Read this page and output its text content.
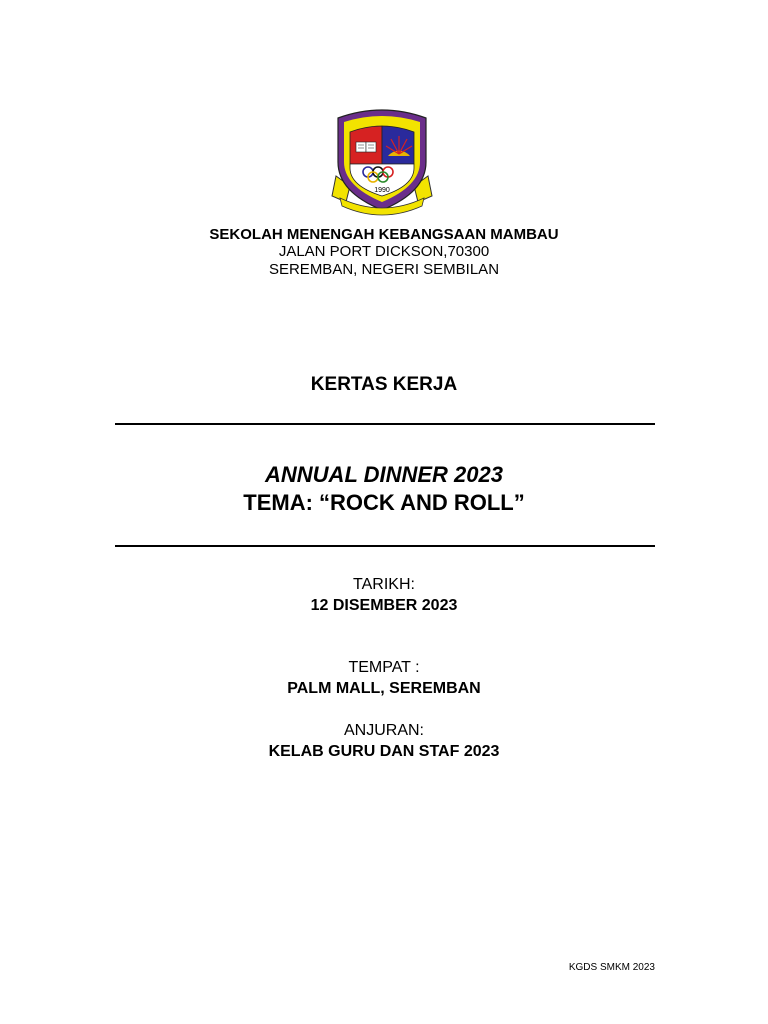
1990
SEKOLAH MENENGAH KEBANGSAAN MAMBAU
JALAN PORT DICKSON,70300
SEREMBAN, NEGERI SEMBILAN
KERTAS KERJA
ANNUAL DINNER 2023
TEMA: “ROCK AND ROLL”
TARIKH:
12 DISEMBER 2023
TEMPAT :
PALM MALL, SEREMBAN
ANJURAN:
KELAB GURU DAN STAF 2023
KGDS SMKM 2023
